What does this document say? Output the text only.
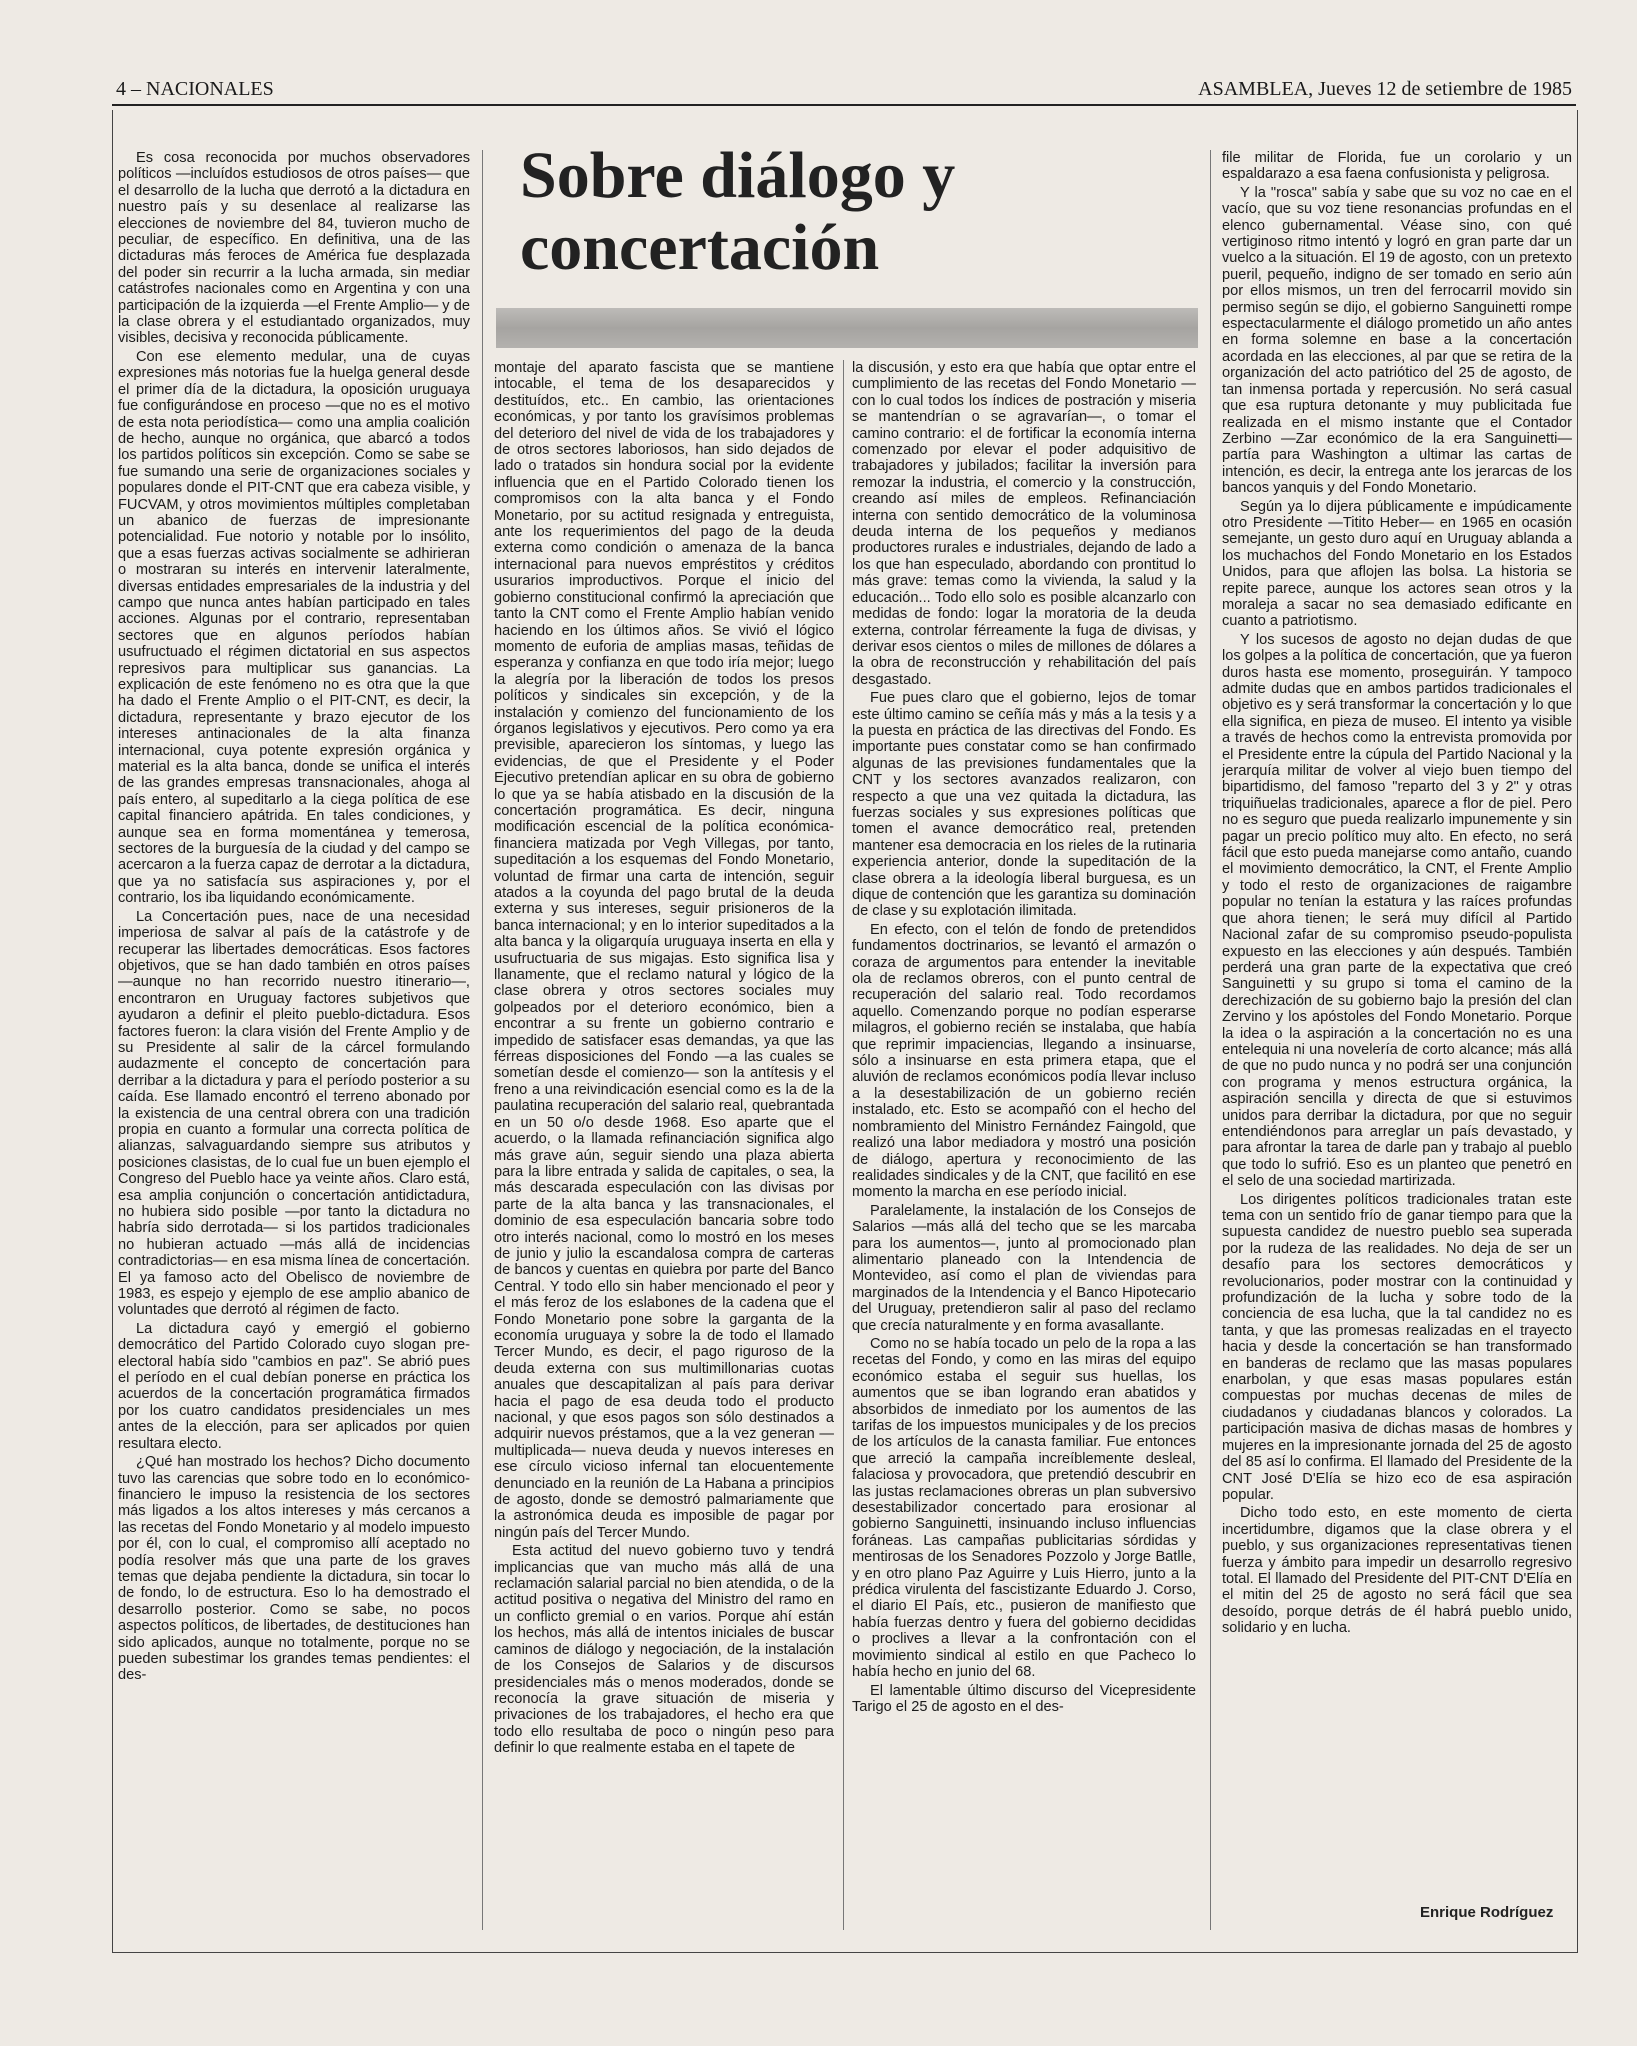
4 – NACIONALES	ASAMBLEA, Jueves 12 de setiembre de 1985
Sobre diálogo y concertación

Es cosa reconocida por muchos observadores políticos —incluídos estudiosos de otros países— que el desarrollo de la lucha que derrotó a la dictadura en nuestro país y su desenlace al realizarse las elecciones de noviembre del 84, tuvieron mucho de peculiar, de específico. En definitiva, una de las dictaduras más feroces de América fue desplazada del poder sin recurrir a la lucha armada, sin mediar catástrofes nacionales como en Argentina y con una participación de la izquierda —el Frente Amplio— y de la clase obrera y el estudiantado organizados, muy visibles, decisiva y reconocida públicamente.

Con ese elemento medular, una de cuyas expresiones más notorias fue la huelga general desde el primer día de la dictadura, la oposición uruguaya fue configurándose en proceso —que no es el motivo de esta nota periodística— como una amplia coalición de hecho, aunque no orgánica, que abarcó a todos los partidos políticos sin excepción. Como se sabe se fue sumando una serie de organizaciones sociales y populares donde el PIT-CNT que era cabeza visible, y FUCVAM, y otros movimientos múltiples completaban un abanico de fuerzas de impresionante potencialidad. Fue notorio y notable por lo insólito, que a esas fuerzas activas socialmente se adhirieran o mostraran su interés en intervenir lateralmente, diversas entidades empresariales de la industria y del campo que nunca antes habían participado en tales acciones. Algunas por el contrario, representaban sectores que en algunos períodos habían usufructuado el régimen dictatorial en sus aspectos represivos para multiplicar sus ganancias. La explicación de este fenómeno no es otra que la que ha dado el Frente Amplio o el PIT-CNT, es decir, la dictadura, representante y brazo ejecutor de los intereses antinacionales de la alta finanza internacional, cuya potente expresión orgánica y material es la alta banca, donde se unifica el interés de las grandes empresas transnacionales, ahoga al país entero, al supeditarlo a la ciega política de ese capital financiero apátrida. En tales condiciones, y aunque sea en forma momentánea y temerosa, sectores de la burguesía de la ciudad y del campo se acercaron a la fuerza capaz de derrotar a la dictadura, que ya no satisfacía sus aspiraciones y, por el contrario, los iba liquidando económicamente.

La Concertación pues, nace de una necesidad imperiosa de salvar al país de la catástrofe y de recuperar las libertades democráticas. Esos factores objetivos, que se han dado también en otros países —aunque no han recorrido nuestro itinerario—, encontraron en Uruguay factores subjetivos que ayudaron a definir el pleito pueblo-dictadura. Esos factores fueron: la clara visión del Frente Amplio y de su Presidente al salir de la cárcel formulando audazmente el concepto de concertación para derribar a la dictadura y para el período posterior a su caída. Ese llamado encontró el terreno abonado por la existencia de una central obrera con una tradición propia en cuanto a formular una correcta política de alianzas, salvaguardando siempre sus atributos y posiciones clasistas, de lo cual fue un buen ejemplo el Congreso del Pueblo hace ya veinte años. Claro está, esa amplia conjunción o concertación antidictadura, no hubiera sido posible —por tanto la dictadura no habría sido derrotada— si los partidos tradicionales no hubieran actuado —más allá de incidencias contradictorias— en esa misma línea de concertación. El ya famoso acto del Obelisco de noviembre de 1983, es espejo y ejemplo de ese amplio abanico de voluntades que derrotó al régimen de facto.

La dictadura cayó y emergió el gobierno democrático del Partido Colorado cuyo slogan pre-electoral había sido "cambios en paz". Se abrió pues el período en el cual debían ponerse en práctica los acuerdos de la concertación programática firmados por los cuatro candidatos presidenciales un mes antes de la elección, para ser aplicados por quien resultara electo.

¿Qué han mostrado los hechos? Dicho documento tuvo las carencias que sobre todo en lo económico-financiero le impuso la resistencia de los sectores más ligados a los altos intereses y más cercanos a las recetas del Fondo Monetario y al modelo impuesto por él, con lo cual, el compromiso allí aceptado no podía resolver más que una parte de los graves temas que dejaba pendiente la dictadura, sin tocar lo de fondo, lo de estructura. Eso lo ha demostrado el desarrollo posterior. Como se sabe, no pocos aspectos políticos, de libertades, de destituciones han sido aplicados, aunque no totalmente, porque no se pueden subestimar los grandes temas pendientes: el des-

montaje del aparato fascista que se mantiene intocable, el tema de los desaparecidos y destituídos, etc.. En cambio, las orientaciones económicas, y por tanto los gravísimos problemas del deterioro del nivel de vida de los trabajadores y de otros sectores laboriosos, han sido dejados de lado o tratados sin hondura social por la evidente influencia que en el Partido Colorado tienen los compromisos con la alta banca y el Fondo Monetario, por su actitud resignada y entreguista, ante los requerimientos del pago de la deuda externa como condición o amenaza de la banca internacional para nuevos empréstitos y créditos usurarios improductivos. Porque el inicio del gobierno constitucional confirmó la apreciación que tanto la CNT como el Frente Amplio habían venido haciendo en los últimos años. Se vivió el lógico momento de euforia de amplias masas, teñidas de esperanza y confianza en que todo iría mejor; luego la alegría por la liberación de todos los presos políticos y sindicales sin excepción, y de la instalación y comienzo del funcionamiento de los órganos legislativos y ejecutivos. Pero como ya era previsible, aparecieron los síntomas, y luego las evidencias, de que el Presidente y el Poder Ejecutivo pretendían aplicar en su obra de gobierno lo que ya se había atisbado en la discusión de la concertación programática. Es decir, ninguna modificación escencial de la política económica-financiera matizada por Vegh Villegas, por tanto, supeditación a los esquemas del Fondo Monetario, voluntad de firmar una carta de intención, seguir atados a la coyunda del pago brutal de la deuda externa y sus intereses, seguir prisioneros de la banca internacional; y en lo interior supeditados a la alta banca y la oligarquía uruguaya inserta en ella y usufructuaria de sus migajas. Esto significa lisa y llanamente, que el reclamo natural y lógico de la clase obrera y otros sectores sociales muy golpeados por el deterioro económico, bien a encontrar a su frente un gobierno contrario e impedido de satisfacer esas demandas, ya que las férreas disposiciones del Fondo —a las cuales se sometían desde el comienzo— son la antítesis y el freno a una reivindicación esencial como es la de la paulatina recuperación del salario real, quebrantada en un 50 o/o desde 1968. Eso aparte que el acuerdo, o la llamada refinanciación significa algo más grave aún, seguir siendo una plaza abierta para la libre entrada y salida de capitales, o sea, la más descarada especulación con las divisas por parte de la alta banca y las transnacionales, el dominio de esa especulación bancaria sobre todo otro interés nacional, como lo mostró en los meses de junio y julio la escandalosa compra de carteras de bancos y cuentas en quiebra por parte del Banco Central. Y todo ello sin haber mencionado el peor y el más feroz de los eslabones de la cadena que el Fondo Monetario pone sobre la garganta de la economía uruguaya y sobre la de todo el llamado Tercer Mundo, es decir, el pago riguroso de la deuda externa con sus multimillonarias cuotas anuales que descapitalizan al país para derivar hacia el pago de esa deuda todo el producto nacional, y que esos pagos son sólo destinados a adquirir nuevos préstamos, que a la vez generan —multiplicada— nueva deuda y nuevos intereses en ese círculo vicioso infernal tan elocuentemente denunciado en la reunión de La Habana a principios de agosto, donde se demostró palmariamente que la astronómica deuda es imposible de pagar por ningún país del Tercer Mundo.

Esta actitud del nuevo gobierno tuvo y tendrá implicancias que van mucho más allá de una reclamación salarial parcial no bien atendida, o de la actitud positiva o negativa del Ministro del ramo en un conflicto gremial o en varios. Porque ahí están los hechos, más allá de intentos iniciales de buscar caminos de diálogo y negociación, de la instalación de los Consejos de Salarios y de discursos presidenciales más o menos moderados, donde se reconocía la grave situación de miseria y privaciones de los trabajadores, el hecho era que todo ello resultaba de poco o ningún peso para definir lo que realmente estaba en el tapete de

la discusión, y esto era que había que optar entre el cumplimiento de las recetas del Fondo Monetario —con lo cual todos los índices de postración y miseria se mantendrían o se agravarían—, o tomar el camino contrario: el de fortificar la economía interna comenzado por elevar el poder adquisitivo de trabajadores y jubilados; facilitar la inversión para remozar la industria, el comercio y la construcción, creando así miles de empleos. Refinanciación interna con sentido democrático de la voluminosa deuda interna de los pequeños y medianos productores rurales e industriales, dejando de lado a los que han especulado, abordando con prontitud lo más grave: temas como la vivienda, la salud y la educación... Todo ello solo es posible alcanzarlo con medidas de fondo: logar la moratoria de la deuda externa, controlar férreamente la fuga de divisas, y derivar esos cientos o miles de millones de dólares a la obra de reconstrucción y rehabilitación del país desgastado.

Fue pues claro que el gobierno, lejos de tomar este último camino se ceñía más y más a la tesis y a la puesta en práctica de las directivas del Fondo. Es importante pues constatar como se han confirmado algunas de las previsiones fundamentales que la CNT y los sectores avanzados realizaron, con respecto a que una vez quitada la dictadura, las fuerzas sociales y sus expresiones políticas que tomen el avance democrático real, pretenden mantener esa democracia en los rieles de la rutinaria experiencia anterior, donde la supeditación de la clase obrera a la ideología liberal burguesa, es un dique de contención que les garantiza su dominación de clase y su explotación ilimitada.

En efecto, con el telón de fondo de pretendidos fundamentos doctrinarios, se levantó el armazón o coraza de argumentos para entender la inevitable ola de reclamos obreros, con el punto central de recuperación del salario real. Todo recordamos aquello. Comenzando porque no podían esperarse milagros, el gobierno recién se instalaba, que había que reprimir impaciencias, llegando a insinuarse, sólo a insinuarse en esta primera etapa, que el aluvión de reclamos económicos podía llevar incluso a la desestabilización de un gobierno recién instalado, etc. Esto se acompañó con el hecho del nombramiento del Ministro Fernández Faingold, que realizó una labor mediadora y mostró una posición de diálogo, apertura y reconocimiento de las realidades sindicales y de la CNT, que facilitó en ese momento la marcha en ese período inicial.

Paralelamente, la instalación de los Consejos de Salarios —más allá del techo que se les marcaba para los aumentos—, junto al promocionado plan alimentario planeado con la Intendencia de Montevideo, así como el plan de viviendas para marginados de la Intendencia y el Banco Hipotecario del Uruguay, pretendieron salir al paso del reclamo que crecía naturalmente y en forma avasallante.

Como no se había tocado un pelo de la ropa a las recetas del Fondo, y como en las miras del equipo económico estaba el seguir sus huellas, los aumentos que se iban logrando eran abatidos y absorbidos de inmediato por los aumentos de las tarifas de los impuestos municipales y de los precios de los artículos de la canasta familiar. Fue entonces que arreció la campaña increíblemente desleal, falaciosa y provocadora, que pretendió descubrir en las justas reclamaciones obreras un plan subversivo desestabilizador concertado para erosionar al gobierno Sanguinetti, insinuando incluso influencias foráneas. Las campañas publicitarias sórdidas y mentirosas de los Senadores Pozzolo y Jorge Batlle, y en otro plano Paz Aguirre y Luis Hierro, junto a la prédica virulenta del fascistizante Eduardo J. Corso, el diario El País, etc., pusieron de manifiesto que había fuerzas dentro y fuera del gobierno decididas o proclives a llevar a la confrontación con el movimiento sindical al estilo en que Pacheco lo había hecho en junio del 68.

El lamentable último discurso del Vicepresidente Tarigo el 25 de agosto en el des-

file militar de Florida, fue un corolario y un espaldarazo a esa faena confusionista y peligrosa.

Y la "rosca" sabía y sabe que su voz no cae en el vacío, que su voz tiene resonancias profundas en el elenco gubernamental. Véase sino, con qué vertiginoso ritmo intentó y logró en gran parte dar un vuelco a la situación. El 19 de agosto, con un pretexto pueril, pequeño, indigno de ser tomado en serio aún por ellos mismos, un tren del ferrocarril movido sin permiso según se dijo, el gobierno Sanguinetti rompe espectacularmente el diálogo prometido un año antes en forma solemne en base a la concertación acordada en las elecciones, al par que se retira de la organización del acto patriótico del 25 de agosto, de tan inmensa portada y repercusión. No será casual que esa ruptura detonante y muy publicitada fue realizada en el mismo instante que el Contador Zerbino —Zar económico de la era Sanguinetti— partía para Washington a ultimar las cartas de intención, es decir, la entrega ante los jerarcas de los bancos yanquis y del Fondo Monetario.

Según ya lo dijera públicamente e impúdicamente otro Presidente —Titito Heber— en 1965 en ocasión semejante, un gesto duro aquí en Uruguay ablanda a los muchachos del Fondo Monetario en los Estados Unidos, para que aflojen las bolsa. La historia se repite parece, aunque los actores sean otros y la moraleja a sacar no sea demasiado edificante en cuanto a patriotismo.

Y los sucesos de agosto no dejan dudas de que los golpes a la política de concertación, que ya fueron duros hasta ese momento, proseguirán. Y tampoco admite dudas que en ambos partidos tradicionales el objetivo es y será transformar la concertación y lo que ella significa, en pieza de museo. El intento ya visible a través de hechos como la entrevista promovida por el Presidente entre la cúpula del Partido Nacional y la jerarquía militar de volver al viejo buen tiempo del bipartidismo, del famoso "reparto del 3 y 2" y otras triquiñuelas tradicionales, aparece a flor de piel. Pero no es seguro que pueda realizarlo impunemente y sin pagar un precio político muy alto. En efecto, no será fácil que esto pueda manejarse como antaño, cuando el movimiento democrático, la CNT, el Frente Amplio y todo el resto de organizaciones de raigambre popular no tenían la estatura y las raíces profundas que ahora tienen; le será muy difícil al Partido Nacional zafar de su compromiso pseudo-populista expuesto en las elecciones y aún después. También perderá una gran parte de la expectativa que creó Sanguinetti y su grupo si toma el camino de la derechización de su gobierno bajo la presión del clan Zervino y los apóstoles del Fondo Monetario. Porque la idea o la aspiración a la concertación no es una entelequia ni una novelería de corto alcance; más allá de que no pudo nunca y no podrá ser una conjunción con programa y menos estructura orgánica, la aspiración sencilla y directa de que si estuvimos unidos para derribar la dictadura, por que no seguir entendiéndonos para arreglar un país devastado, y para afrontar la tarea de darle pan y trabajo al pueblo que todo lo sufrió. Eso es un planteo que penetró en el selo de una sociedad martirizada.

Los dirigentes políticos tradicionales tratan este tema con un sentido frío de ganar tiempo para que la supuesta candidez de nuestro pueblo sea superada por la rudeza de las realidades. No deja de ser un desafío para los sectores democráticos y revolucionarios, poder mostrar con la continuidad y profundización de la lucha y sobre todo de la conciencia de esa lucha, que la tal candidez no es tanta, y que las promesas realizadas en el trayecto hacia y desde la concertación se han transformado en banderas de reclamo que las masas populares enarbolan, y que esas masas populares están compuestas por muchas decenas de miles de ciudadanos y ciudadanas blancos y colorados. La participación masiva de dichas masas de hombres y mujeres en la impresionante jornada del 25 de agosto del 85 así lo confirma. El llamado del Presidente de la CNT José D'Elía se hizo eco de esa aspiración popular.

Dicho todo esto, en este momento de cierta incertidumbre, digamos que la clase obrera y el pueblo, y sus organizaciones representativas tienen fuerza y ámbito para impedir un desarrollo regresivo total. El llamado del Presidente del PIT-CNT D'Elía en el mitin del 25 de agosto no será fácil que sea desoído, porque detrás de él habrá pueblo unido, solidario y en lucha.

Enrique Rodríguez
